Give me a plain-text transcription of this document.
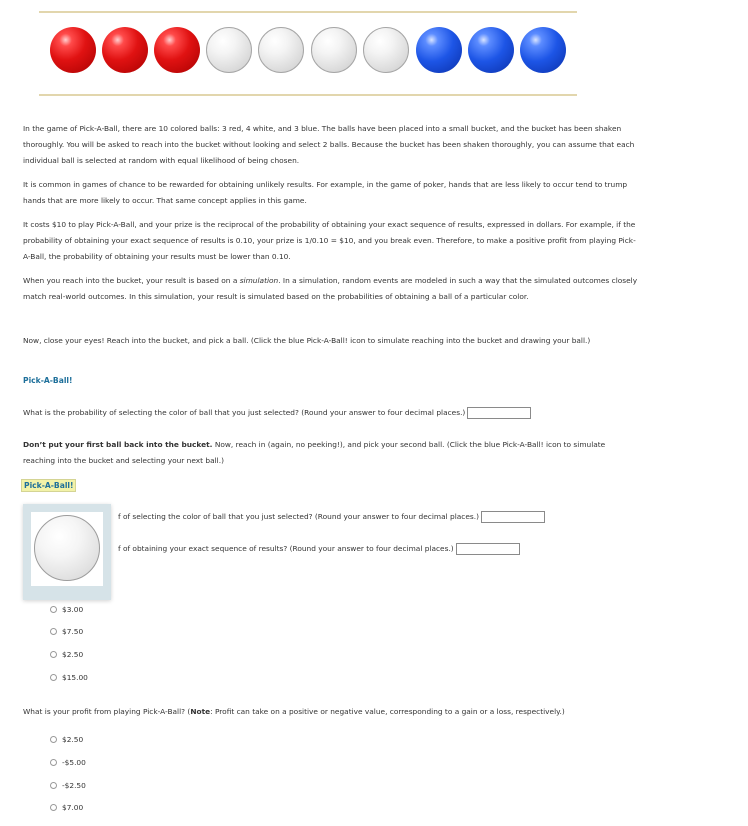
In the game of Pick-A-Ball, there are 10 colored balls: 3 red, 4 white, and 3 blue. The balls have been placed into a small bucket, and the bucket has been shaken thoroughly. You will be asked to reach into the bucket without looking and select 2 balls. Because the bucket has been shaken thoroughly, you can assume that each individual ball is selected at random with equal likelihood of being chosen.

It is common in games of chance to be rewarded for obtaining unlikely results. For example, in the game of poker, hands that are less likely to occur tend to trump hands that are more likely to occur. That same concept applies in this game.

It costs $10 to play Pick-A-Ball, and your prize is the reciprocal of the probability of obtaining your exact sequence of results, expressed in dollars. For example, if the probability of obtaining your exact sequence of results is 0.10, your prize is 1/0.10 = $10, and you break even. Therefore, to make a positive profit from playing Pick-A-Ball, the probability of obtaining your results must be lower than 0.10.

When you reach into the bucket, your result is based on a simulation. In a simulation, random events are modeled in such a way that the simulated outcomes closely match real-world outcomes. In this simulation, your result is simulated based on the probabilities of obtaining a ball of a particular color.

Now, close your eyes! Reach into the bucket, and pick a ball. (Click the blue Pick-A-Ball! icon to simulate reaching into the bucket and drawing your ball.)

Pick-A-Ball!
What is the probability of selecting the color of ball that you just selected? (Round your answer to four decimal places.)

Don’t put your first ball back into the bucket. Now, reach in (again, no peeking!), and pick your second ball. (Click the blue Pick-A-Ball! icon to simulate reaching into the bucket and selecting your next ball.)

Pick-A-Ball!
f of selecting the color of ball that you just selected? (Round your answer to four decimal places.)
f of obtaining your exact sequence of results? (Round your answer to four decimal places.)
$3.00
$7.50
$2.50
$15.00

What is your profit from playing Pick-A-Ball? (Note: Profit can take on a positive or negative value, corresponding to a gain or a loss, respectively.)

$2.50
-$5.00
-$2.50
$7.00
